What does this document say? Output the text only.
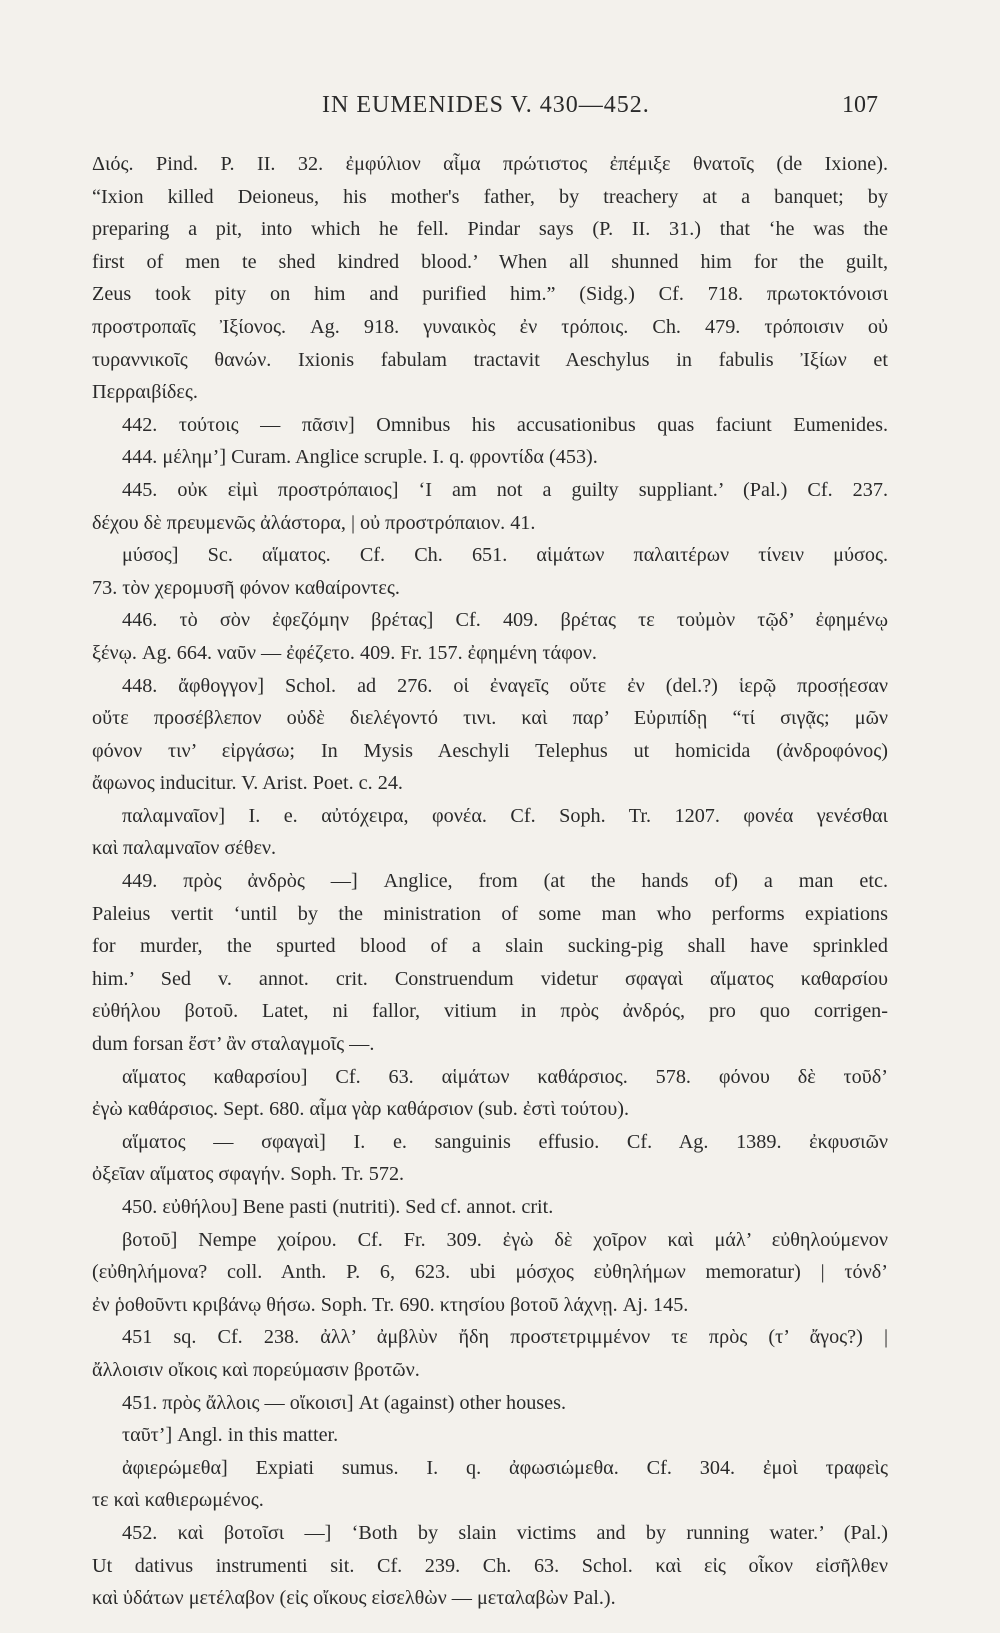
IN EUMENIDES V. 430—452.	107
Διός. Pind. P. II. 32. ἐμφύλιον αἷμα πρώτιστος ἐπέμιξε θνατοῖς (de Ixione).
“Ixion killed Deioneus, his mother's father, by treachery at a banquet; by
preparing a pit, into which he fell. Pindar says (P. II. 31.) that ‘he was the
first of men te shed kindred blood.’ When all shunned him for the guilt,
Zeus took pity on him and purified him.” (Sidg.) Cf. 718. πρωτοκτόνοισι
προστροπαῖς Ἰξίονος. Ag. 918. γυναικὸς ἐν τρόποις. Ch. 479. τρόποισιν οὐ
τυραννικοῖς θανών. Ixionis fabulam tractavit Aeschylus in fabulis Ἰξίων et
Περραιβίδες.
442. τούτοις — πᾶσιν] Omnibus his accusationibus quas faciunt Eumenides.
444. μέλημ’] Curam. Anglice scruple. I. q. φροντίδα (453).
445. οὐκ εἰμὶ προστρόπαιος] ‘I am not a guilty suppliant.’ (Pal.) Cf. 237.
δέχου δὲ πρευμενῶς ἀλάστορα, | οὐ προστρόπαιον. 41.
μύσος] Sc. αἵματος. Cf. Ch. 651. αἱμάτων παλαιτέρων τίνειν μύσος.
73. τὸν χερομυσῆ φόνον καθαίροντες.
446. τὸ σὸν ἐφεζόμην βρέτας] Cf. 409. βρέτας τε τοὐμὸν τῷδ’ ἐφημένῳ
ξένῳ. Ag. 664. ναῦν — ἐφέζετο. 409. Fr. 157. ἐφημένη τάφον.
448. ἄφθογγον] Schol. ad 276. οἱ ἐναγεῖς οὔτε ἐν (del.?) ἱερῷ προσῄεσαν
οὔτε προσέβλεπον οὐδὲ διελέγοντό τινι. καὶ παρ’ Εὐριπίδῃ “τί σιγᾷς; μῶν
φόνον τιν’ εἰργάσω; In Mysis Aeschyli Telephus ut homicida (ἀνδροφόνος)
ἄφωνος inducitur. V. Arist. Poet. c. 24.
παλαμναῖον] I. e. αὐτόχειρα, φονέα. Cf. Soph. Tr. 1207. φονέα γενέσθαι
καὶ παλαμναῖον σέθεν.
449. πρὸς ἀνδρὸς —] Anglice, from (at the hands of) a man etc.
Paleius vertit ‘until by the ministration of some man who performs expiations
for murder, the spurted blood of a slain sucking-pig shall have sprinkled
him.’ Sed v. annot. crit. Construendum videtur σφαγαὶ αἵματος καθαρσίου
εὐθήλου βοτοῦ. Latet, ni fallor, vitium in πρὸς ἀνδρός, pro quo corrigen-
dum forsan ἔστ’ ἂν σταλαγμοῖς —.
αἵματος καθαρσίου] Cf. 63. αἱμάτων καθάρσιος. 578. φόνου δὲ τοῦδ’
ἐγὼ καθάρσιος. Sept. 680. αἷμα γὰρ καθάρσιον (sub. ἐστὶ τούτου).
αἵματος — σφαγαὶ] I. e. sanguinis effusio. Cf. Ag. 1389. ἐκφυσιῶν
ὀξεῖαν αἵματος σφαγήν. Soph. Tr. 572.
450. εὐθήλου] Bene pasti (nutriti). Sed cf. annot. crit.
βοτοῦ] Nempe χοίρου. Cf. Fr. 309. ἐγὼ δὲ χοῖρον καὶ μάλ’ εὐθηλούμενον
(εὐθηλήμονα? coll. Anth. P. 6, 623. ubi μόσχος εὐθηλήμων memoratur) | τόνδ’
ἐν ῥοθοῦντι κριβάνῳ θήσω. Soph. Tr. 690. κτησίου βοτοῦ λάχνῃ. Aj. 145.
451 sq. Cf. 238. ἀλλ’ ἀμβλὺν ἤδη προστετριμμένον τε πρὸς (τ’ ἄγος?) |
ἄλλοισιν οἴκοις καὶ πορεύμασιν βροτῶν.
451. πρὸς ἄλλοις — οἴκοισι] At (against) other houses.
ταῦτ’] Angl. in this matter.
ἀφιερώμεθα] Expiati sumus. I. q. ἀφωσιώμεθα. Cf. 304. ἐμοὶ τραφεὶς
τε καὶ καθιερωμένος.
452. καὶ βοτοῖσι —] ‘Both by slain victims and by running water.’ (Pal.)
Ut dativus instrumenti sit. Cf. 239. Ch. 63. Schol. καὶ εἰς οἶκον εἰσῆλθεν
καὶ ὑδάτων μετέλαβον (εἰς οἴκους εἰσελθὼν — μεταλαβὼν Pal.).
